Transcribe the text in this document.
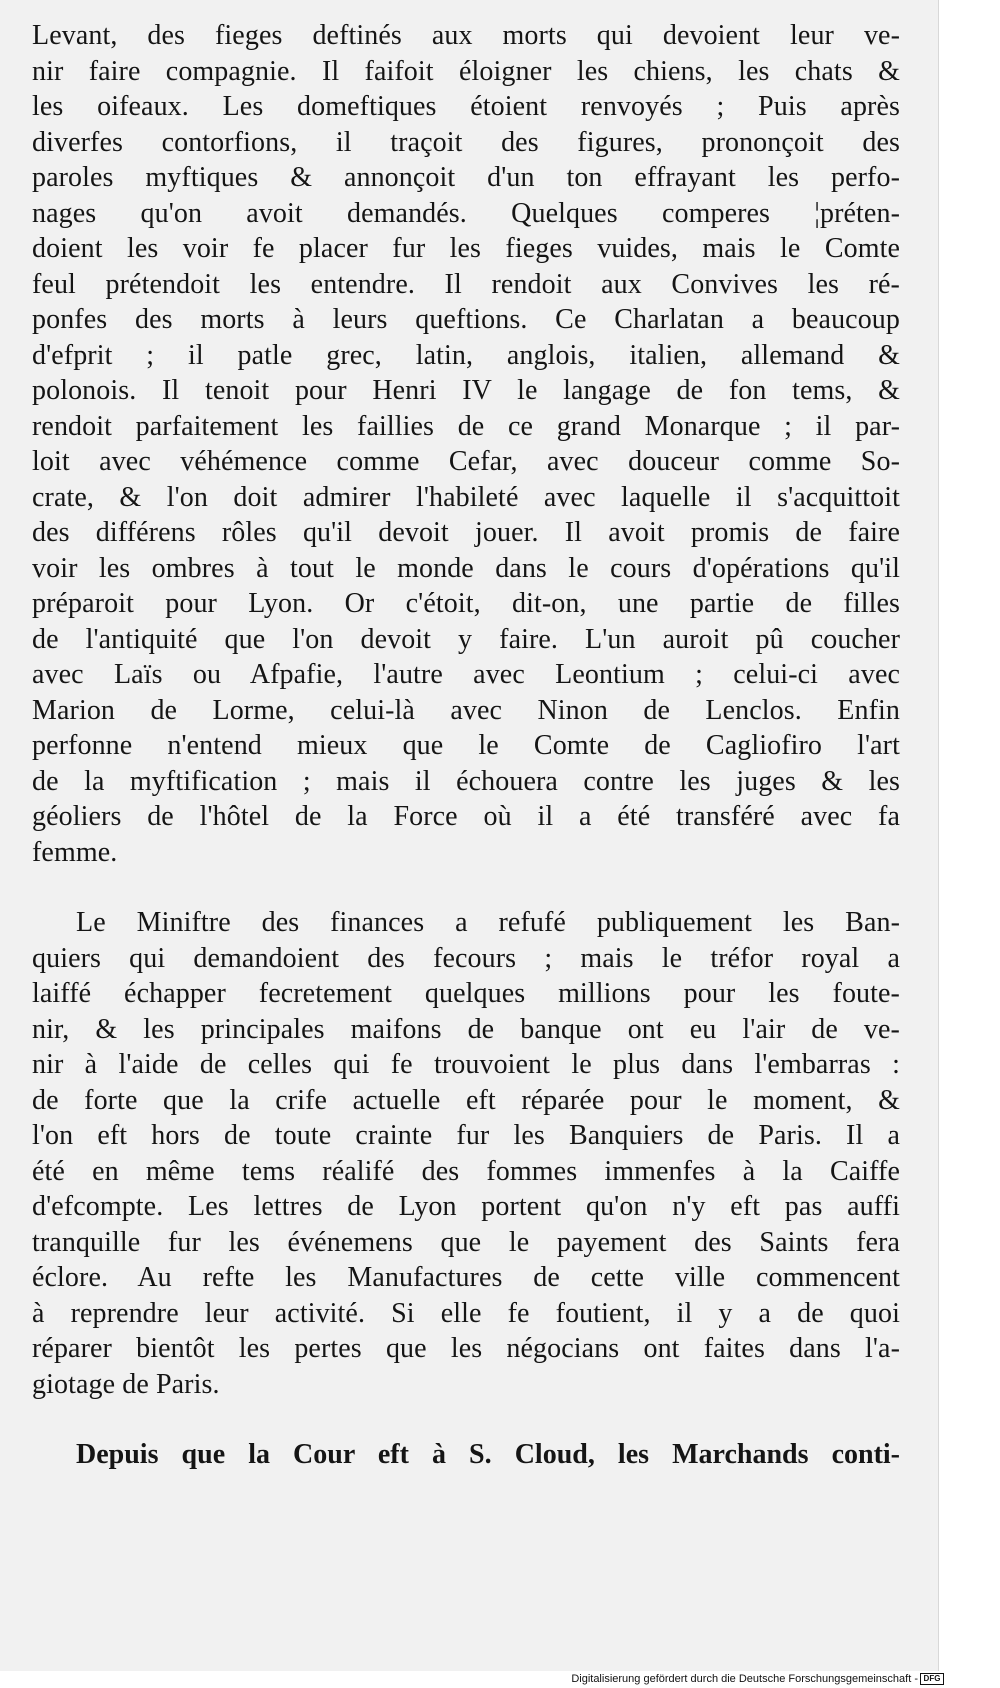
Levant, des fieges deftinés aux morts qui devoient leur ve-
nir faire compagnie. Il faifoit éloigner les chiens, les chats &
les oifeaux. Les domeftiques étoient renvoyés ; Puis après
diverfes contorfions, il traçoit des figures, prononçoit des
paroles myftiques & annonçoit d'un ton effrayant les perfo-
nages qu'on avoit demandés. Quelques comperes ¦préten-
doient les voir fe placer fur les fieges vuides, mais le Comte
feul prétendoit les entendre. Il rendoit aux Convives les ré-
ponfes des morts à leurs queftions. Ce Charlatan a beaucoup
d'efprit ; il patle grec, latin, anglois, italien, allemand &
polonois. Il tenoit pour Henri IV le langage de fon tems, &
rendoit parfaitement les faillies de ce grand Monarque ; il par-
loit avec véhémence comme Cefar, avec douceur comme So-
crate, & l'on doit admirer l'habileté avec laquelle il s'acquittoit
des différens rôles qu'il devoit jouer. Il avoit promis de faire
voir les ombres à tout le monde dans le cours d'opérations qu'il
préparoit pour Lyon. Or c'étoit, dit-on, une partie de filles
de l'antiquité que l'on devoit y faire. L'un auroit pû coucher
avec Laïs ou Afpafie, l'autre avec Leontium ; celui-ci avec
Marion de Lorme, celui-là avec Ninon de Lenclos. Enfin
perfonne n'entend mieux que le Comte de Cagliofiro l'art
de la myftification ; mais il échouera contre les juges & les
géoliers de l'hôtel de la Force où il a été transféré avec fa
femme.
Le Miniftre des finances a refufé publiquement les Ban-
quiers qui demandoient des fecours ; mais le tréfor royal a
laiffé échapper fecretement quelques millions pour les foute-
nir, & les principales maifons de banque ont eu l'air de ve-
nir à l'aide de celles qui fe trouvoient le plus dans l'embarras :
de forte que la crife actuelle eft réparée pour le moment, &
l'on eft hors de toute crainte fur les Banquiers de Paris. Il a
été en même tems réalifé des fommes immenfes à la Caiffe
d'efcompte. Les lettres de Lyon portent qu'on n'y eft pas auffi
tranquille fur les événemens que le payement des Saints fera
éclore. Au refte les Manufactures de cette ville commencent
à reprendre leur activité. Si elle fe foutient, il y a de quoi
réparer bientôt les pertes que les négocians ont faites dans l'a-
giotage de Paris.
Depuis que la Cour eft à S. Cloud, les Marchands conti-
Digitalisierung gefördert durch die Deutsche Forschungsgemeinschaft - DFG
